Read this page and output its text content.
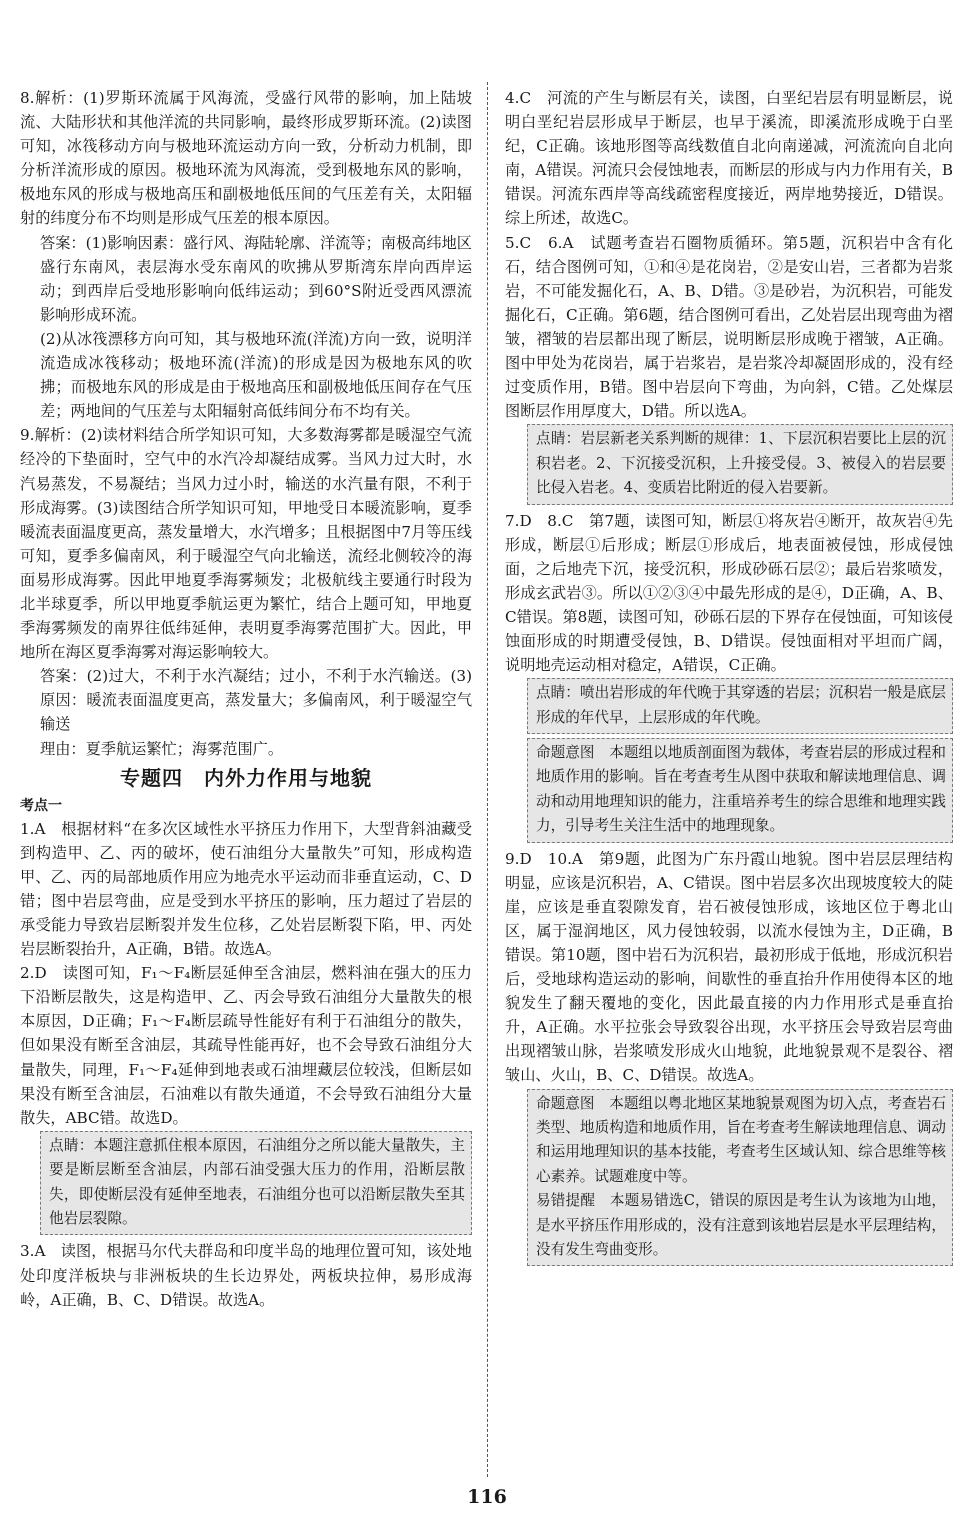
8.解析：(1)罗斯环流属于风海流，受盛行风带的影响，加上陆坡流、大陆形状和其他洋流的共同影响，最终形成罗斯环流。(2)读图可知，冰筏移动方向与极地环流运动方向一致，分析动力机制，即分析洋流形成的原因。极地环流为风海流，受到极地东风的影响，极地东风的形成与极地高压和副极地低压间的气压差有关，太阳辐射的纬度分布不均则是形成气压差的根本原因。

答案：(1)影响因素：盛行风、海陆轮廓、洋流等；南极高纬地区盛行东南风，表层海水受东南风的吹拂从罗斯湾东岸向西岸运动；到西岸后受地形影响向低纬运动；到60°S附近受西风漂流影响形成环流。

(2)从冰筏漂移方向可知，其与极地环流(洋流)方向一致，说明洋流造成冰筏移动；极地环流(洋流)的形成是因为极地东风的吹拂；而极地东风的形成是由于极地高压和副极地低压间存在气压差；两地间的气压差与太阳辐射高低纬间分布不均有关。

9.解析：(2)读材料结合所学知识可知，大多数海雾都是暖湿空气流经冷的下垫面时，空气中的水汽冷却凝结成雾。当风力过大时，水汽易蒸发，不易凝结；当风力过小时，输送的水汽量有限，不利于形成海雾。(3)读图结合所学知识可知，甲地受日本暖流影响，夏季暖流表面温度更高，蒸发量增大，水汽增多；且根据图中7月等压线可知，夏季多偏南风，利于暖湿空气向北输送，流经北侧较冷的海面易形成海雾。因此甲地夏季海雾频发；北极航线主要通行时段为北半球夏季，所以甲地夏季航运更为繁忙，结合上题可知，甲地夏季海雾频发的南界往低纬延伸，表明夏季海雾范围扩大。因此，甲地所在海区夏季海雾对海运影响较大。

答案：(2)过大，不利于水汽凝结；过小，不利于水汽输送。(3)原因：暖流表面温度更高，蒸发量大；多偏南风，利于暖湿空气输送

理由：夏季航运繁忙；海雾范围广。

专题四　内外力作用与地貌
考点一

1.A　根据材料“在多次区域性水平挤压力作用下，大型背斜油藏受到构造甲、乙、丙的破坏，使石油组分大量散失”可知，形成构造甲、乙、丙的局部地质作用应为地壳水平运动而非垂直运动，C、D错；图中岩层弯曲，应是受到水平挤压的影响，压力超过了岩层的承受能力导致岩层断裂并发生位移，乙处岩层断裂下陷，甲、丙处岩层断裂抬升，A正确，B错。故选A。

2.D　读图可知，F₁～F₄断层延伸至含油层，燃料油在强大的压力下沿断层散失，这是构造甲、乙、丙会导致石油组分大量散失的根本原因，D正确；F₁～F₄断层疏导性能好有利于石油组分的散失，但如果没有断至含油层，其疏导性能再好，也不会导致石油组分大量散失，同理，F₁～F₄延伸到地表或石油埋藏层位较浅，但断层如果没有断至含油层，石油难以有散失通道，不会导致石油组分大量散失，ABC错。故选D。

点睛：本题注意抓住根本原因，石油组分之所以能大量散失，主要是断层断至含油层，内部石油受强大压力的作用，沿断层散失，即使断层没有延伸至地表，石油组分也可以沿断层散失至其他岩层裂隙。

3.A　读图，根据马尔代夫群岛和印度半岛的地理位置可知，该处地处印度洋板块与非洲板块的生长边界处，两板块拉伸，易形成海岭，A正确，B、C、D错误。故选A。

4.C　河流的产生与断层有关，读图，白垩纪岩层有明显断层，说明白垩纪岩层形成早于断层，也早于溪流，即溪流形成晚于白垩纪，C正确。该地形图等高线数值自北向南递减，河流流向自北向南，A错误。河流只会侵蚀地表，而断层的形成与内力作用有关，B错误。河流东西岸等高线疏密程度接近，两岸地势接近，D错误。综上所述，故选C。

5.C　6.A　试题考查岩石圈物质循环。第5题，沉积岩中含有化石，结合图例可知，①和④是花岗岩，②是安山岩，三者都为岩浆岩，不可能发掘化石，A、B、D错。③是砂岩，为沉积岩，可能发掘化石，C正确。第6题，结合图例可看出，乙处岩层出现弯曲为褶皱，褶皱的岩层都出现了断层，说明断层形成晚于褶皱，A正确。图中甲处为花岗岩，属于岩浆岩，是岩浆冷却凝固形成的，没有经过变质作用，B错。图中岩层向下弯曲，为向斜，C错。乙处煤层图断层作用厚度大，D错。所以选A。

点睛：岩层新老关系判断的规律：1、下层沉积岩要比上层的沉积岩老。2、下沉接受沉积，上升接受侵。3、被侵入的岩层要比侵入岩老。4、变质岩比附近的侵入岩要新。

7.D　8.C　第7题，读图可知，断层①将灰岩④断开，故灰岩④先形成，断层①后形成；断层①形成后，地表面被侵蚀，形成侵蚀面，之后地壳下沉，接受沉积，形成砂砾石层②；最后岩浆喷发，形成玄武岩③。所以①②③④中最先形成的是④，D正确，A、B、C错误。第8题，读图可知，砂砾石层的下界存在侵蚀面，可知该侵蚀面形成的时期遭受侵蚀，B、D错误。侵蚀面相对平坦而广阔，说明地壳运动相对稳定，A错误，C正确。

点睛：喷出岩形成的年代晚于其穿透的岩层；沉积岩一般是底层形成的年代早，上层形成的年代晚。

命题意图　本题组以地质剖面图为载体，考查岩层的形成过程和地质作用的影响。旨在考查考生从图中获取和解读地理信息、调动和动用地理知识的能力，注重培养考生的综合思维和地理实践力，引导考生关注生活中的地理现象。

9.D　10.A　第9题，此图为广东丹霞山地貌。图中岩层层理结构明显，应该是沉积岩，A、C错误。图中岩层多次出现坡度较大的陡崖，应该是垂直裂隙发育，岩石被侵蚀形成，该地区位于粤北山区，属于湿润地区，风力侵蚀较弱，以流水侵蚀为主，D正确，B错误。第10题，图中岩石为沉积岩，最初形成于低地，形成沉积岩后，受地球构造运动的影响，间歇性的垂直抬升作用使得本区的地貌发生了翻天覆地的变化，因此最直接的内力作用形式是垂直抬升，A正确。水平拉张会导致裂谷出现，水平挤压会导致岩层弯曲出现褶皱山脉，岩浆喷发形成火山地貌，此地貌景观不是裂谷、褶皱山、火山，B、C、D错误。故选A。

命题意图　本题组以粤北地区某地貌景观图为切入点，考查岩石类型、地质构造和地质作用，旨在考查考生解读地理信息、调动和运用地理知识的基本技能，考查考生区域认知、综合思维等核心素养。试题难度中等。

易错提醒　本题易错选C，错误的原因是考生认为该地为山地，是水平挤压作用形成的，没有注意到该地岩层是水平层理结构，没有发生弯曲变形。

116
